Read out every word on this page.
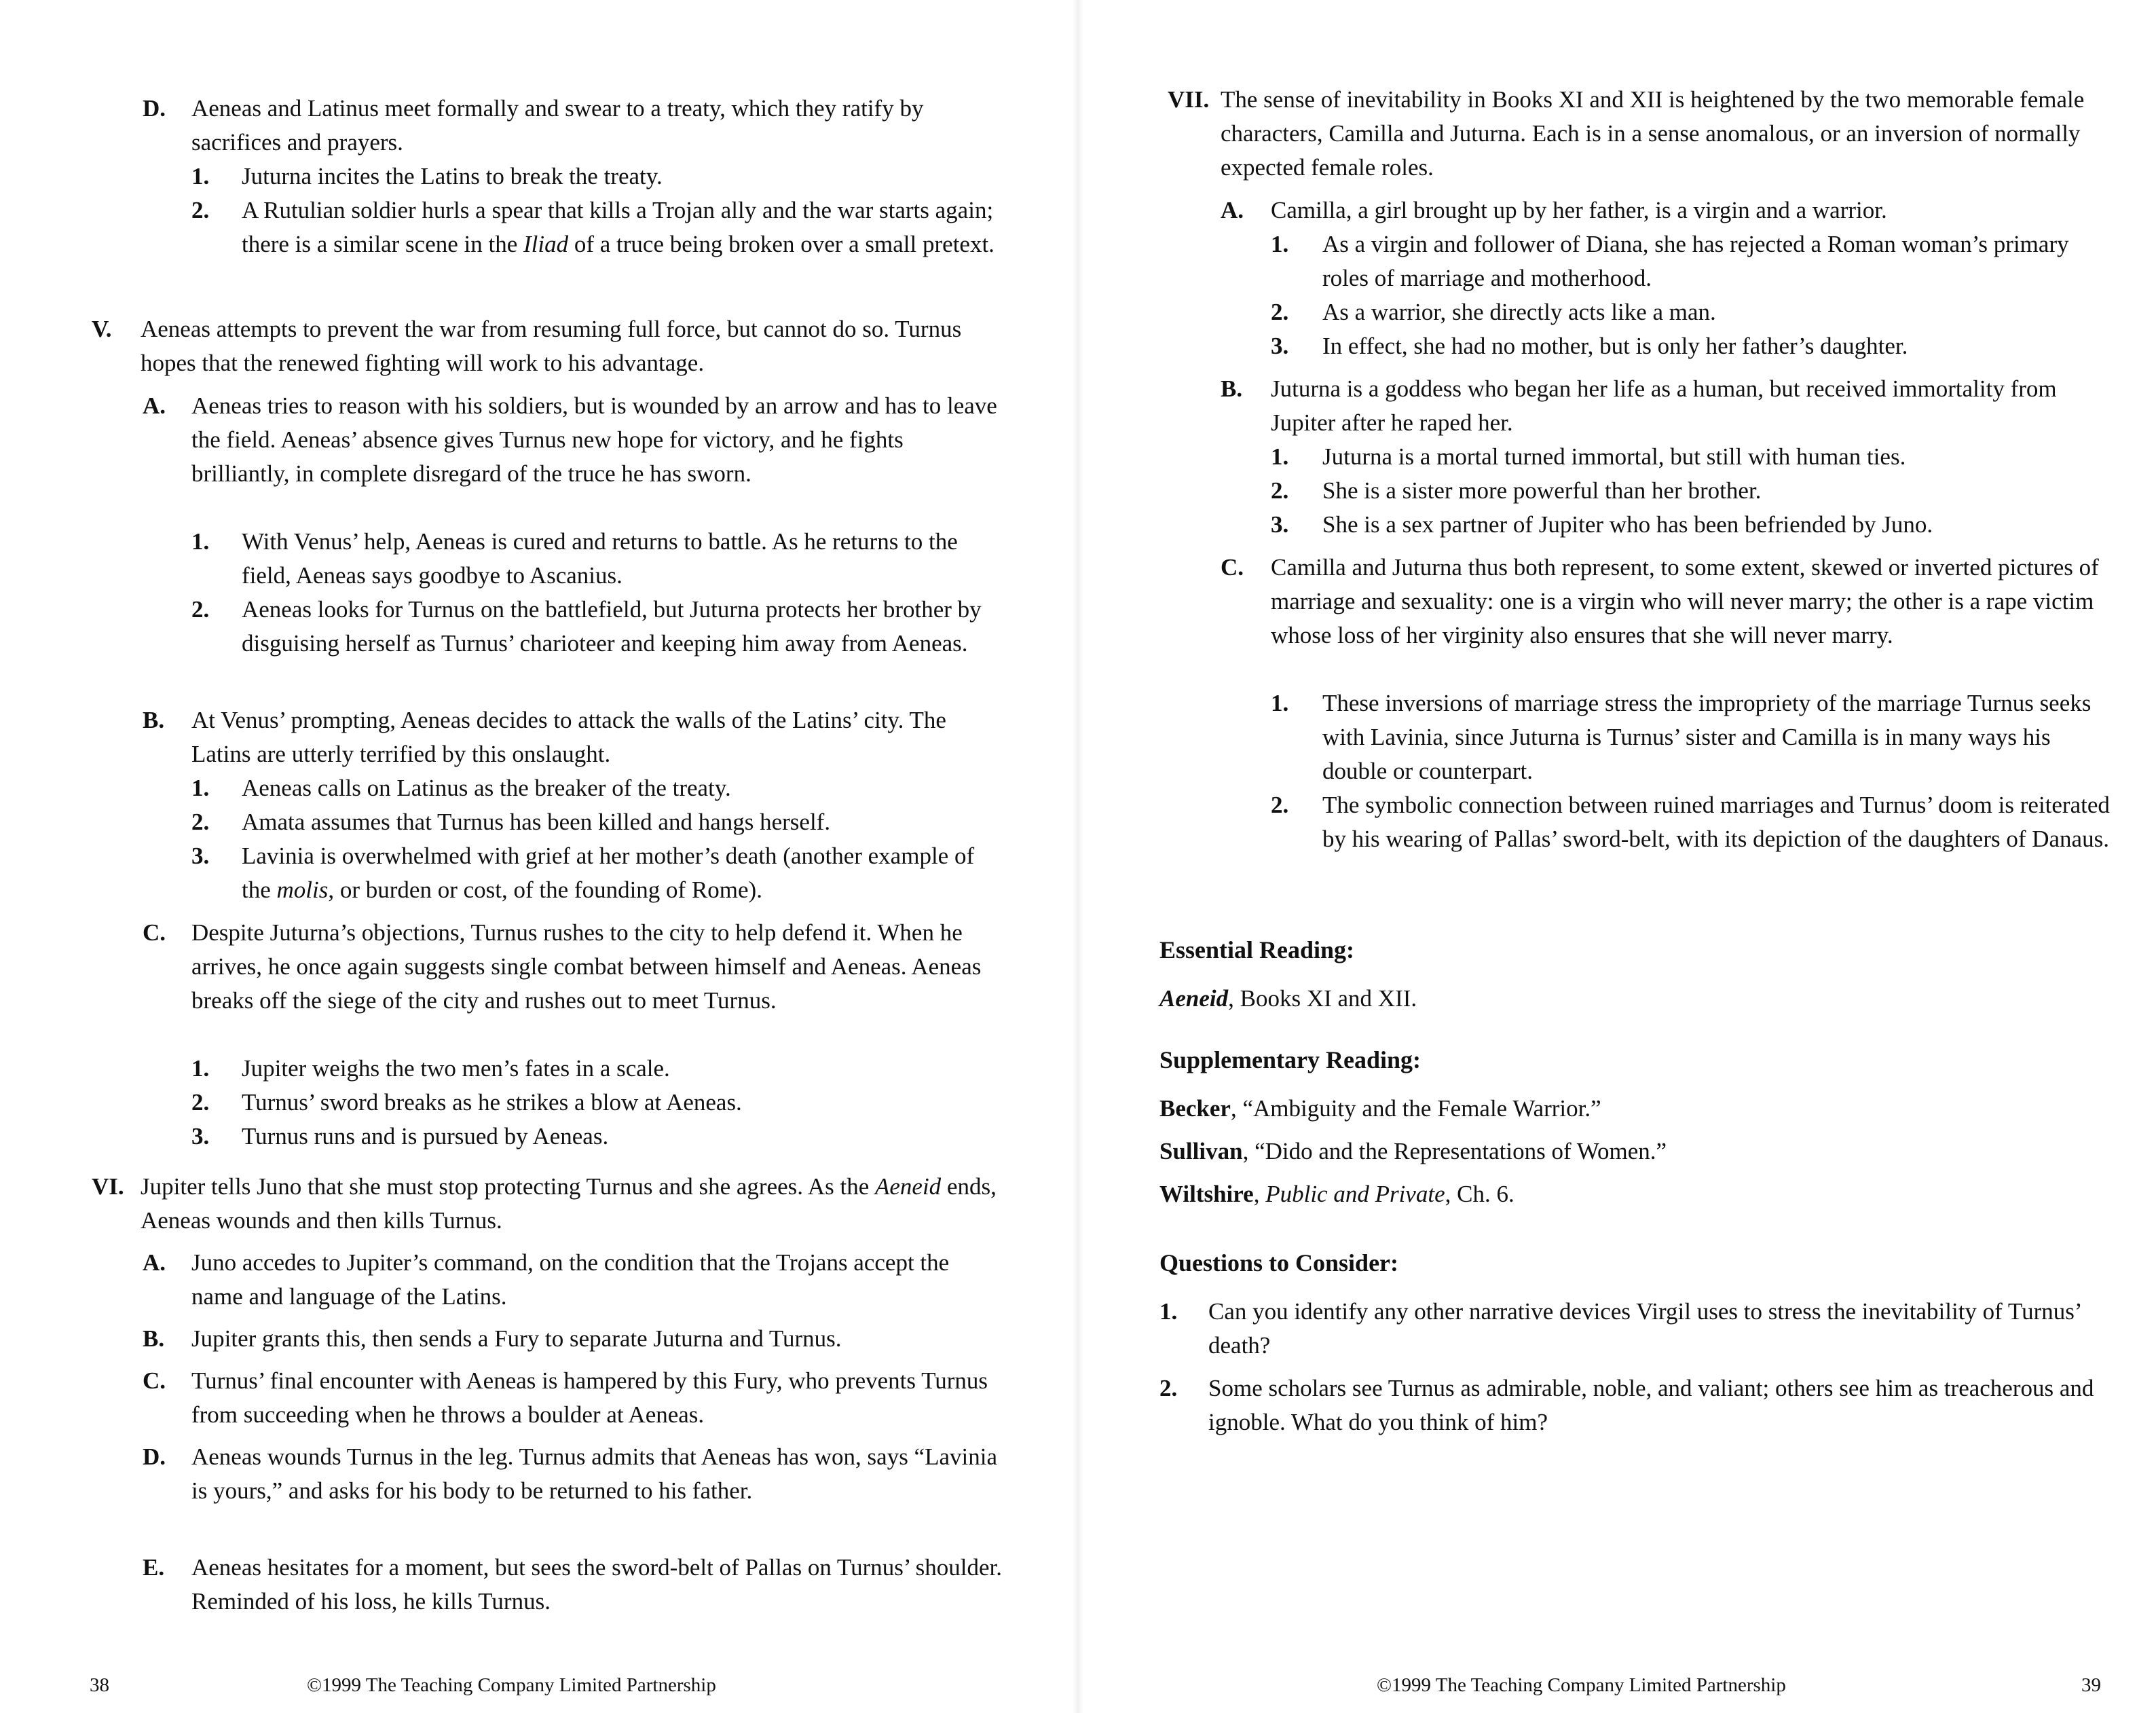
D. Aeneas and Latinus meet formally and swear to a treaty, which they ratify by sacrifices and prayers.
1. Juturna incites the Latins to break the treaty.
2. A Rutulian soldier hurls a spear that kills a Trojan ally and the war starts again; there is a similar scene in the Iliad of a truce being broken over a small pretext.
V. Aeneas attempts to prevent the war from resuming full force, but cannot do so. Turnus hopes that the renewed fighting will work to his advantage.
A. Aeneas tries to reason with his soldiers, but is wounded by an arrow and has to leave the field. Aeneas’ absence gives Turnus new hope for victory, and he fights brilliantly, in complete disregard of the truce he has sworn.
1. With Venus’ help, Aeneas is cured and returns to battle. As he returns to the field, Aeneas says goodbye to Ascanius.
2. Aeneas looks for Turnus on the battlefield, but Juturna protects her brother by disguising herself as Turnus’ charioteer and keeping him away from Aeneas.
B. At Venus’ prompting, Aeneas decides to attack the walls of the Latins’ city. The Latins are utterly terrified by this onslaught.
1. Aeneas calls on Latinus as the breaker of the treaty.
2. Amata assumes that Turnus has been killed and hangs herself.
3. Lavinia is overwhelmed with grief at her mother’s death (another example of the molis, or burden or cost, of the founding of Rome).
C. Despite Juturna’s objections, Turnus rushes to the city to help defend it. When he arrives, he once again suggests single combat between himself and Aeneas. Aeneas breaks off the siege of the city and rushes out to meet Turnus.
1. Jupiter weighs the two men’s fates in a scale.
2. Turnus’ sword breaks as he strikes a blow at Aeneas.
3. Turnus runs and is pursued by Aeneas.
VI. Jupiter tells Juno that she must stop protecting Turnus and she agrees. As the Aeneid ends, Aeneas wounds and then kills Turnus.
A. Juno accedes to Jupiter’s command, on the condition that the Trojans accept the name and language of the Latins.
B. Jupiter grants this, then sends a Fury to separate Juturna and Turnus.
C. Turnus’ final encounter with Aeneas is hampered by this Fury, who prevents Turnus from succeeding when he throws a boulder at Aeneas.
D. Aeneas wounds Turnus in the leg. Turnus admits that Aeneas has won, says “Lavinia is yours,” and asks for his body to be returned to his father.
E. Aeneas hesitates for a moment, but sees the sword-belt of Pallas on Turnus’ shoulder. Reminded of his loss, he kills Turnus.
38	©1999 The Teaching Company Limited Partnership
VII. The sense of inevitability in Books XI and XII is heightened by the two memorable female characters, Camilla and Juturna. Each is in a sense anomalous, or an inversion of normally expected female roles.
A. Camilla, a girl brought up by her father, is a virgin and a warrior.
1. As a virgin and follower of Diana, she has rejected a Roman woman’s primary roles of marriage and motherhood.
2. As a warrior, she directly acts like a man.
3. In effect, she had no mother, but is only her father’s daughter.
B. Juturna is a goddess who began her life as a human, but received immortality from Jupiter after he raped her.
1. Juturna is a mortal turned immortal, but still with human ties.
2. She is a sister more powerful than her brother.
3. She is a sex partner of Jupiter who has been befriended by Juno.
C. Camilla and Juturna thus both represent, to some extent, skewed or inverted pictures of marriage and sexuality: one is a virgin who will never marry; the other is a rape victim whose loss of her virginity also ensures that she will never marry.
1. These inversions of marriage stress the impropriety of the marriage Turnus seeks with Lavinia, since Juturna is Turnus’ sister and Camilla is in many ways his double or counterpart.
2. The symbolic connection between ruined marriages and Turnus’ doom is reiterated by his wearing of Pallas’ sword-belt, with its depiction of the daughters of Danaus.
Essential Reading:
Aeneid, Books XI and XII.
Supplementary Reading:
Becker, “Ambiguity and the Female Warrior.”
Sullivan, “Dido and the Representations of Women.”
Wiltshire, Public and Private, Ch. 6.
Questions to Consider:
1. Can you identify any other narrative devices Virgil uses to stress the inevitability of Turnus’ death?
2. Some scholars see Turnus as admirable, noble, and valiant; others see him as treacherous and ignoble. What do you think of him?
©1999 The Teaching Company Limited Partnership	39
